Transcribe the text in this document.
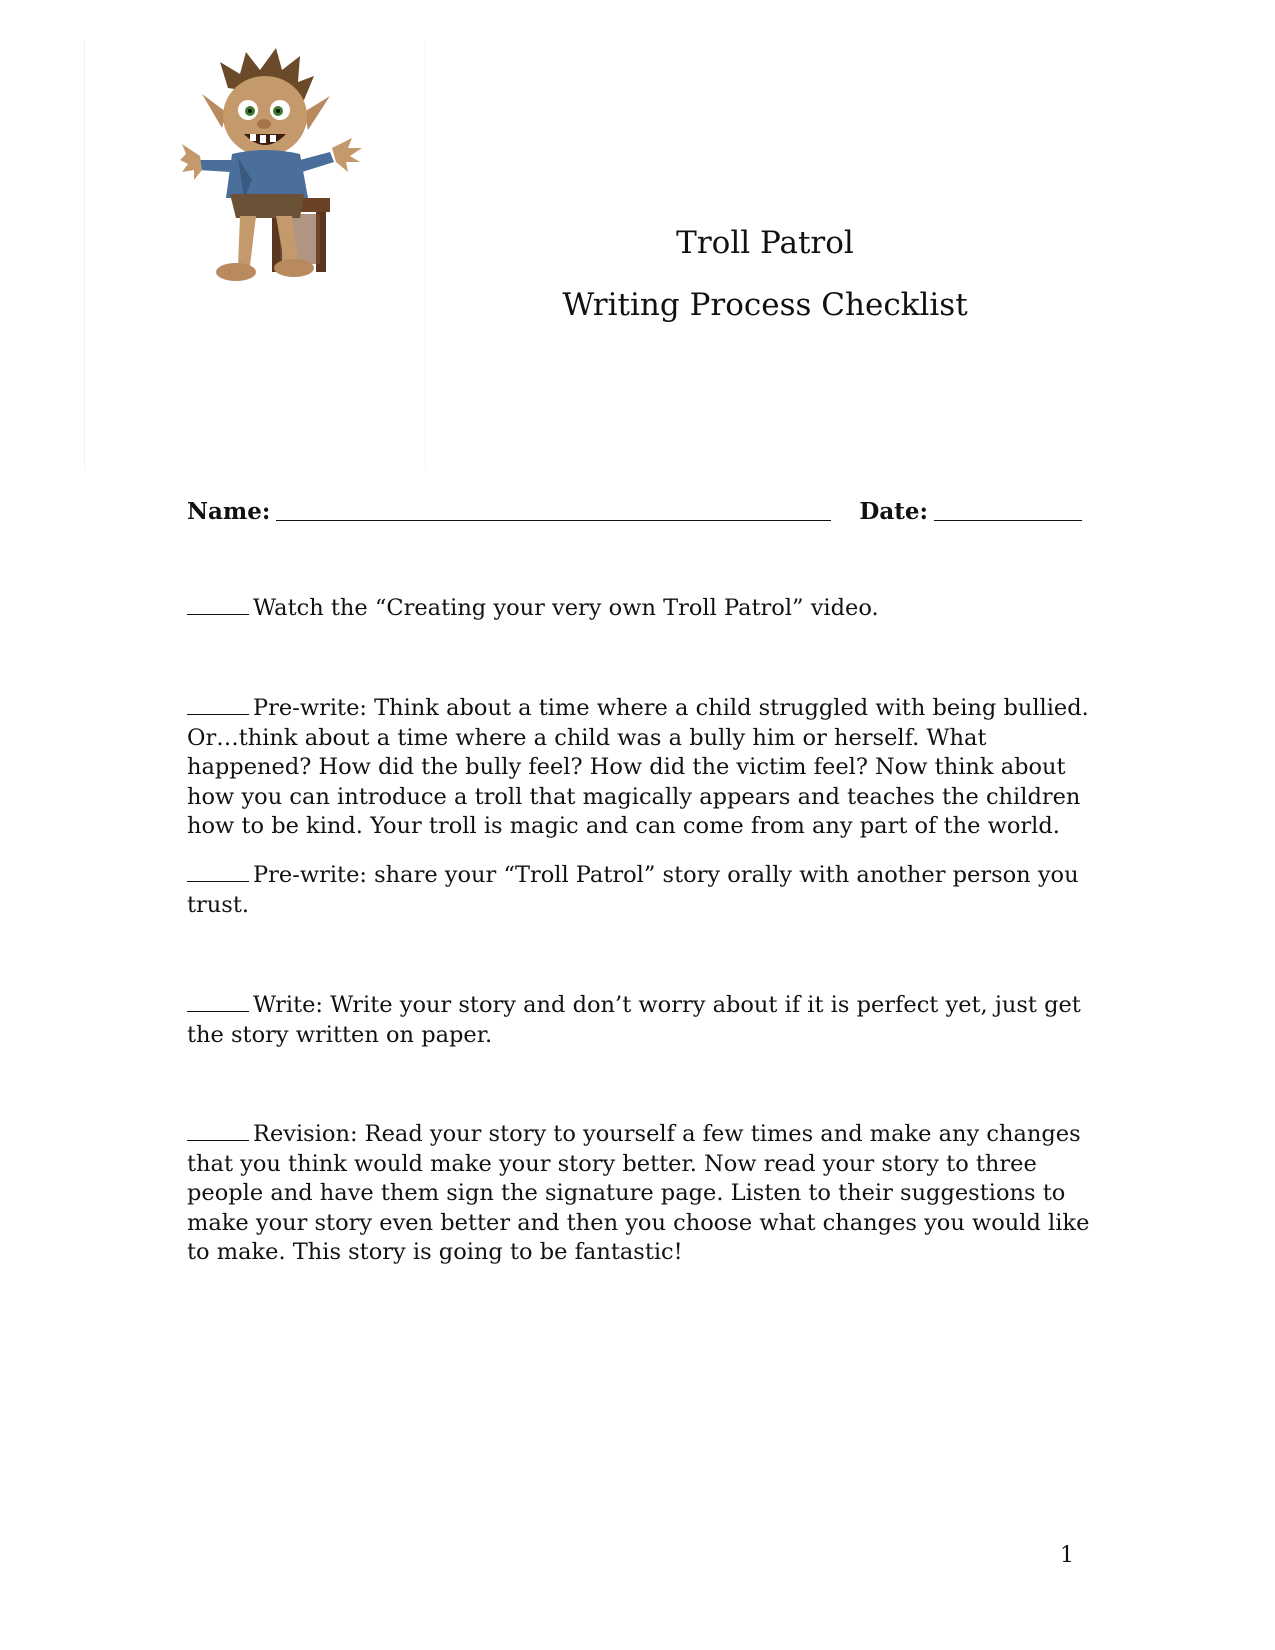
Troll Patrol
Writing Process Checklist
Name:	Date:
Watch the “Creating your very own Troll Patrol” video.
Pre-write: Think about a time where a child struggled with being bullied. Or…think about a time where a child was a bully him or herself. What happened? How did the bully feel? How did the victim feel? Now think about how you can introduce a troll that magically appears and teaches the children how to be kind. Your troll is magic and can come from any part of the world.
Pre-write: share your “Troll Patrol” story orally with another person you trust.
Write: Write your story and don’t worry about if it is perfect yet, just get the story written on paper.
Revision: Read your story to yourself a few times and make any changes that you think would make your story better. Now read your story to three people and have them sign the signature page. Listen to their suggestions to make your story even better and then you choose what changes you would like to make. This story is going to be fantastic!
1
